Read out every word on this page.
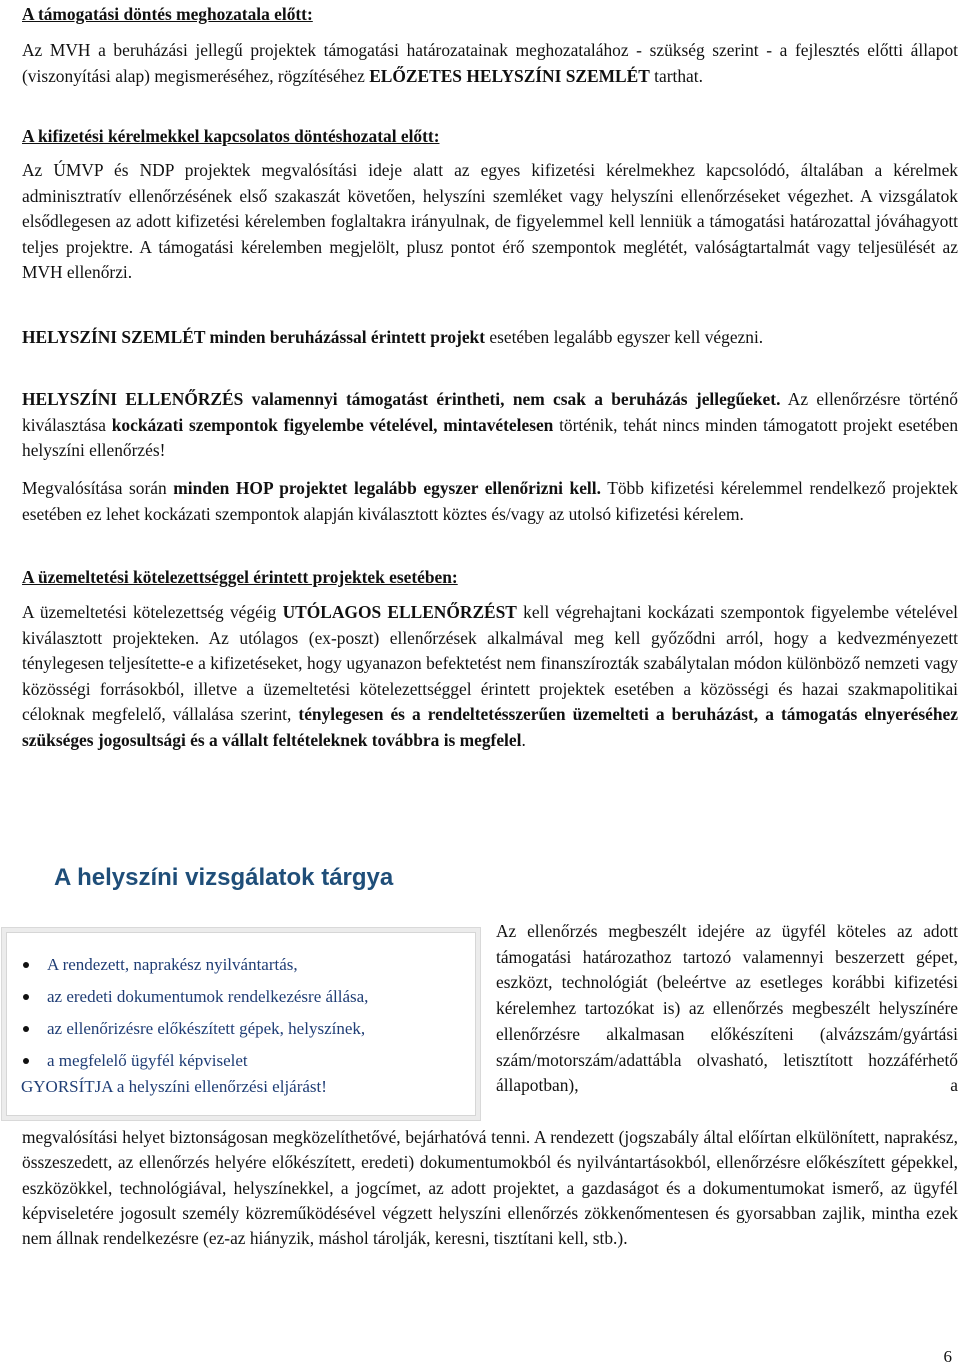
A támogatási döntés meghozatala előtt:

Az MVH a beruházási jellegű projektek támogatási határozatainak meghozatalához - szükség szerint - a fejlesztés előtti állapot (viszonyítási alap) megismeréséhez, rögzítéséhez ELŐZETES HELYSZÍNI SZEMLÉT tarthat.

A kifizetési kérelmekkel kapcsolatos döntéshozatal előtt:

Az ÚMVP és NDP projektek megvalósítási ideje alatt az egyes kifizetési kérelmekhez kapcsolódó, általában a kérelmek adminisztratív ellenőrzésének első szakaszát követően, helyszíni szemléket vagy helyszíni ellenőrzéseket végezhet. A vizsgálatok elsődlegesen az adott kifizetési kérelemben foglaltakra irányulnak, de figyelemmel kell lenniük a támogatási határozattal jóváhagyott teljes projektre. A támogatási kérelemben megjelölt, plusz pontot érő szempontok meglétét, valóságtartalmát vagy teljesülését az MVH ellenőrzi.

HELYSZÍNI SZEMLÉT minden beruházással érintett projekt esetében legalább egyszer kell végezni.

HELYSZÍNI ELLENŐRZÉS valamennyi támogatást érintheti, nem csak a beruházás jellegűeket. Az ellenőrzésre történő kiválasztása kockázati szempontok figyelembe vételével, mintavételesen történik, tehát nincs minden támogatott projekt esetében helyszíni ellenőrzés!

Megvalósítása során minden HOP projektet legalább egyszer ellenőrizni kell. Több kifizetési kérelemmel rendelkező projektek esetében ez lehet kockázati szempontok alapján kiválasztott köztes és/vagy az utolsó kifizetési kérelem.

A üzemeltetési kötelezettséggel érintett projektek esetében:

A üzemeltetési kötelezettség végéig UTÓLAGOS ELLENŐRZÉST kell végrehajtani kockázati szempontok figyelembe vételével kiválasztott projekteken. Az utólagos (ex-poszt) ellenőrzések alkalmával meg kell győződni arról, hogy a kedvezményezett ténylegesen teljesítette-e a kifizetéseket, hogy ugyanazon befektetést nem finanszírozták szabálytalan módon különböző nemzeti vagy közösségi forrásokból, illetve a üzemeltetési kötelezettséggel érintett projektek esetében a közösségi és hazai szakmapolitikai céloknak megfelelő, vállalása szerint, ténylegesen és a rendeltetésszerűen üzemelteti a beruházást, a támogatás elnyeréséhez szükséges jogosultsági és a vállalt feltételeknek továbbra is megfelel.

A helyszíni vizsgálatok tárgya
A rendezett, naprakész nyilvántartás,
az eredeti dokumentumok rendelkezésre állása,
az ellenőrizésre előkészített gépek, helyszínek,
a megfelelő ügyfél képviselet
GYORSÍTJA a helyszíni ellenőrzési eljárást!

Az ellenőrzés megbeszélt idejére az ügyfél köteles az adott támogatási határozathoz tartozó valamennyi beszerzett gépet, eszközt, technológiát (beleértve az esetleges korábbi kifizetési kérelemhez tartozókat is) az ellenőrzés megbeszélt helyszínére ellenőrzésre alkalmasan előkészíteni (alvázszám/gyártási szám/motorszám/adattábla olvasható, letisztított hozzáférhető állapotban), a

megvalósítási helyet biztonságosan megközelíthetővé, bejárhatóvá tenni. A rendezett (jogszabály által előírtan elkülönített, naprakész, összeszedett, az ellenőrzés helyére előkészített, eredeti) dokumentumokból és nyilvántartásokból, ellenőrzésre előkészített gépekkel, eszközökkel, technológiával, helyszínekkel, a jogcímet, az adott projektet, a gazdaságot és a dokumentumokat ismerő, az ügyfél képviseletére jogosult személy közreműködésével végzett helyszíni ellenőrzés zökkenőmentesen és gyorsabban zajlik, mintha ezek nem állnak rendelkezésre (ez-az hiányzik, máshol tárolják, keresni, tisztítani kell, stb.).

6
